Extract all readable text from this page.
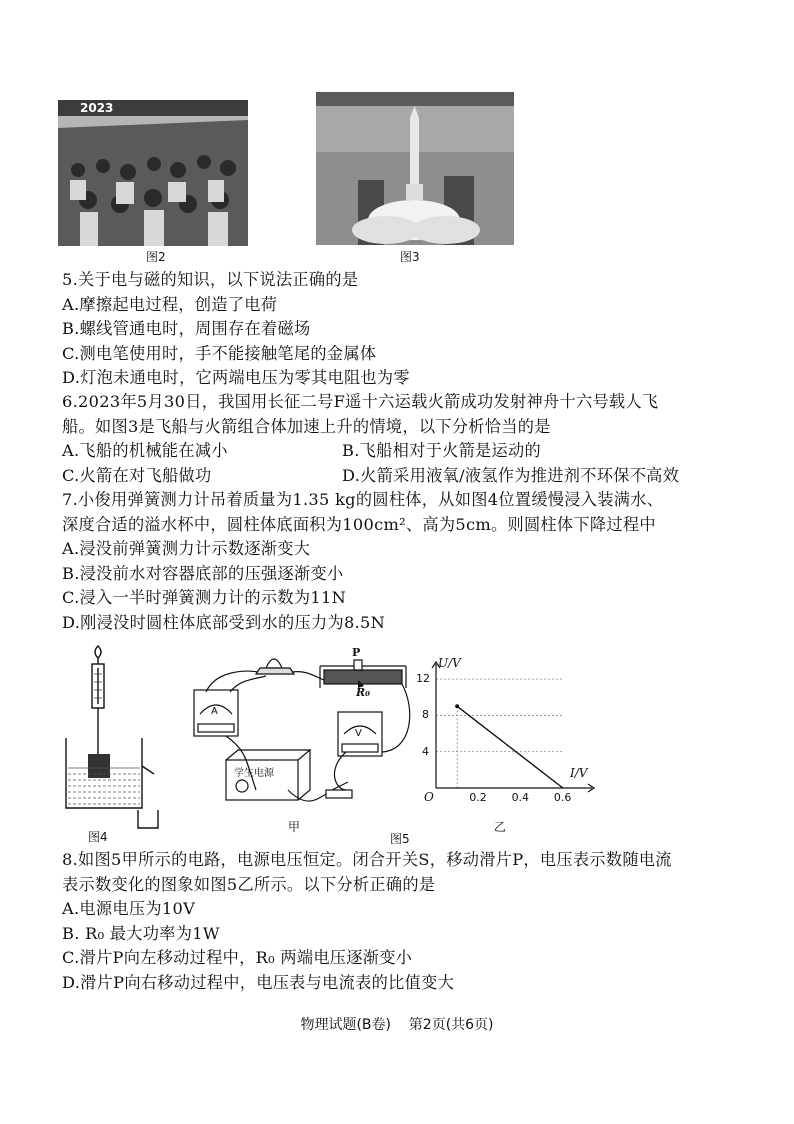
2023
图2	图3
5.关于电与磁的知识，以下说法正确的是
A.摩擦起电过程，创造了电荷
B.螺线管通电时，周围存在着磁场
C.测电笔使用时，手不能接触笔尾的金属体
D.灯泡未通电时，它两端电压为零其电阻也为零
6.2023年5月30日，我国用长征二号F遥十六运载火箭成功发射神舟十六号载人飞
船。如图3是飞船与火箭组合体加速上升的情境，以下分析恰当的是
A.飞船的机械能在减小	B.飞船相对于火箭是运动的
C.火箭在对飞船做功	D.火箭采用液氧/液氢作为推进剂不环保不高效
7.小俊用弹簧测力计吊着质量为1.35 kg的圆柱体，从如图4位置缓慢浸入装满水、
深度合适的溢水杯中，圆柱体底面积为100cm²、高为5cm。则圆柱体下降过程中
A.浸没前弹簧测力计示数逐渐变大
B.浸没前水对容器底部的压强逐渐变小
C.浸入一半时弹簧测力计的示数为11N
D.刚浸没时圆柱体底部受到水的压力为8.5N
图4
P
R₀
A
V
学生电源
甲
图5
U/V
I/V
O
4
8
12
0.2 0.4 0.6
乙
8.如图5甲所示的电路，电源电压恒定。闭合开关S，移动滑片P，电压表示数随电流
表示数变化的图象如图5乙所示。以下分析正确的是
A.电源电压为10V
B. R₀ 最大功率为1W
C.滑片P向左移动过程中，R₀ 两端电压逐渐变小
D.滑片P向右移动过程中，电压表与电流表的比值变大
物理试题(B卷)    第2页(共6页)
